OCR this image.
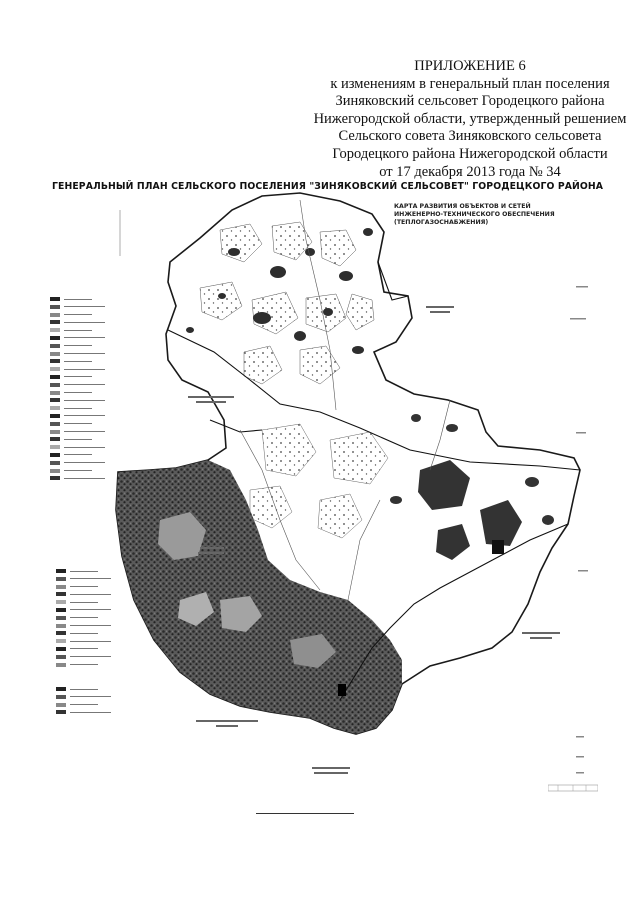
ПРИЛОЖЕНИЕ 6
к изменениям в генеральный план поселения
Зиняковский сельсовет Городецкого района
Нижегородской области, утвержденный решением
Сельского совета Зиняковского сельсовета
Городецкого района Нижегородской области
от 17 декабря 2013 года № 34
ГЕНЕРАЛЬНЫЙ ПЛАН СЕЛЬСКОГО ПОСЕЛЕНИЯ "ЗИНЯКОВСКИЙ СЕЛЬСОВЕТ" ГОРОДЕЦКОГО РАЙОНА
КАРТА РАЗВИТИЯ ОБЪЕКТОВ И СЕТЕЙ
ИНЖЕНЕРНО-ТЕХНИЧЕСКОГО ОБЕСПЕЧЕНИЯ
(ТЕПЛОГАЗОСНАБЖЕНИЯ)
